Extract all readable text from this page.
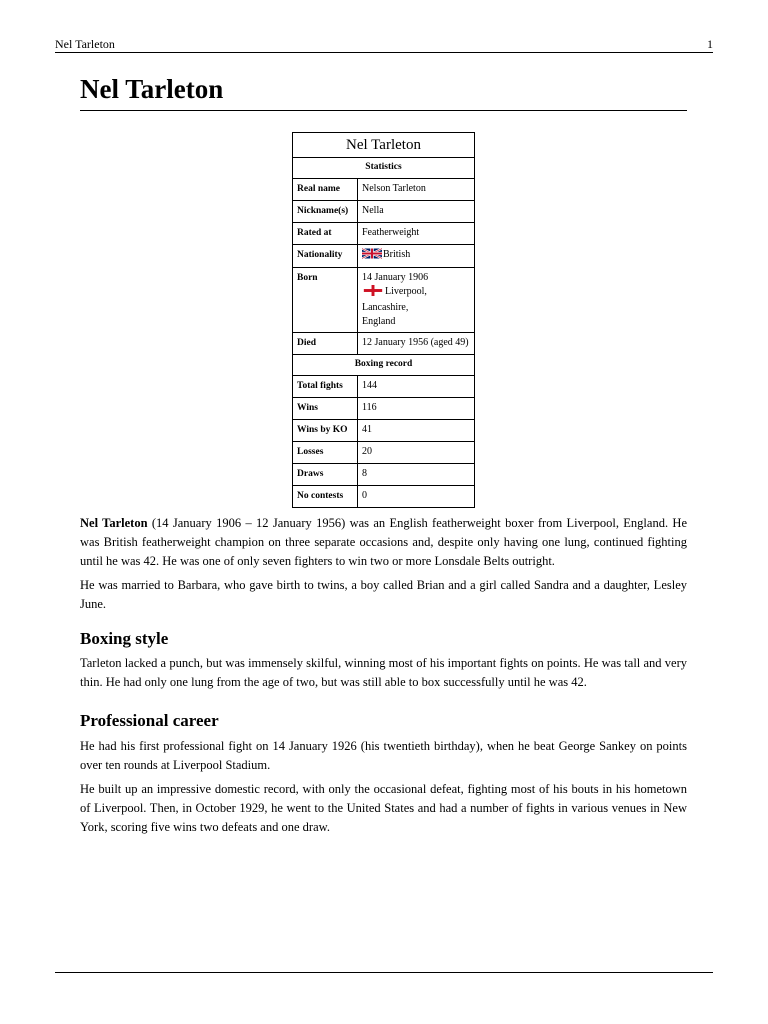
Nel Tarleton	1
Nel Tarleton
Nel Tarleton	
Statistics	
Real name	Nelson Tarleton
Nickname(s)	Nella
Rated at	Featherweight
Nationality	British
Born	14 January 1906
Liverpool,
Lancashire,
England

Died	12 January 1956 (aged 49)
Boxing record	
Total fights	144
Wins	116
Wins by KO	41
Losses	20
Draws	8
No contests	0

Nel Tarleton (14 January 1906 – 12 January 1956) was an English featherweight boxer from Liverpool, England. He was British featherweight champion on three separate occasions and, despite only having one lung, continued fighting until he was 42. He was one of only seven fighters to win two or more Lonsdale Belts outright.

He was married to Barbara, who gave birth to twins, a boy called Brian and a girl called Sandra and a daughter, Lesley June.

Boxing style

Tarleton lacked a punch, but was immensely skilful, winning most of his important fights on points. He was tall and very thin. He had only one lung from the age of two, but was still able to box successfully until he was 42.

Professional career

He had his first professional fight on 14 January 1926 (his twentieth birthday), when he beat George Sankey on points over ten rounds at Liverpool Stadium.

He built up an impressive domestic record, with only the occasional defeat, fighting most of his bouts in his hometown of Liverpool. Then, in October 1929, he went to the United States and had a number of fights in various venues in New York, scoring five wins two defeats and one draw.
